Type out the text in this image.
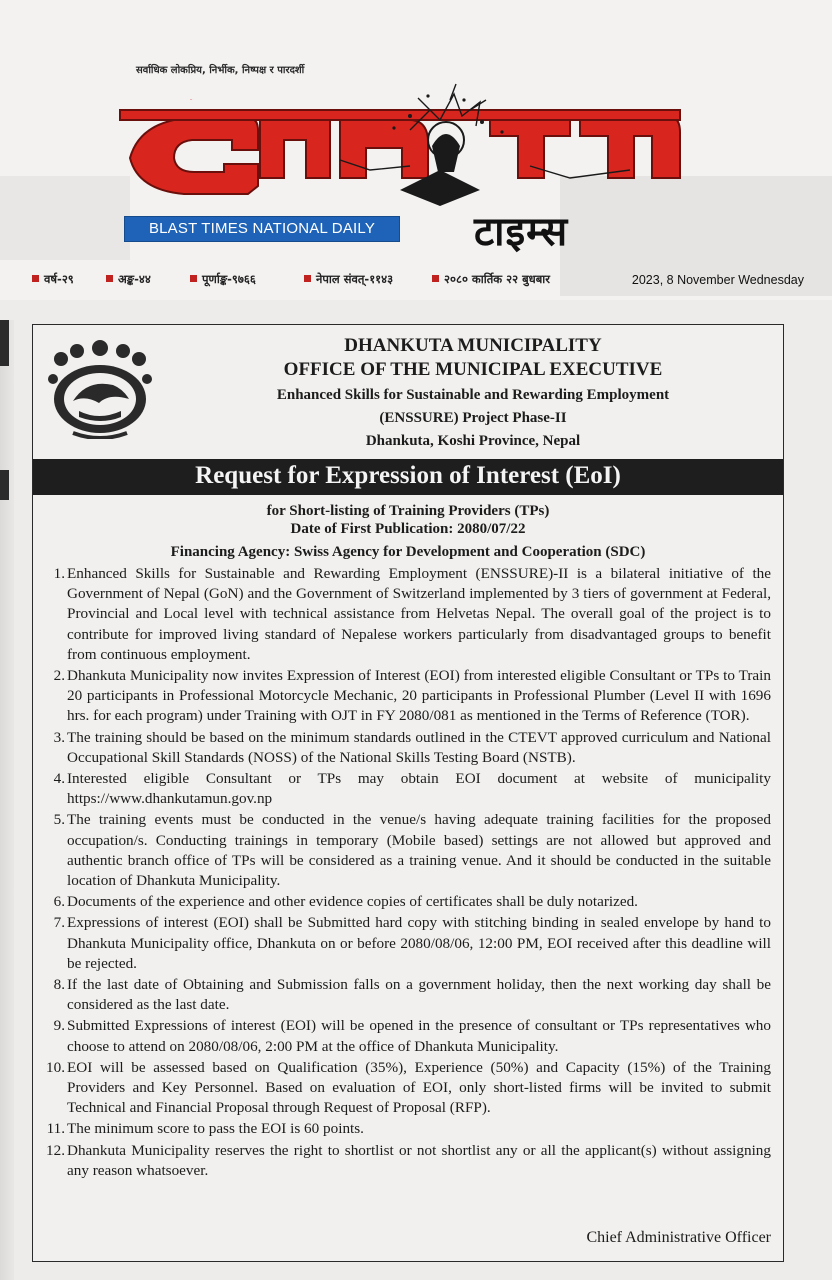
सर्वाधिक लोकप्रिय, निर्भीक, निष्पक्ष र पारदर्शी
ब्लास्ट
BLAST TIMES NATIONAL DAILY	टाइम्स
वर्ष-२९	अङ्क-४४	पूर्णाङ्क-९७६६	नेपाल संवत्-११४३	२०८० कार्तिक २२ बुधबार	2023, 8 November Wednesday
DHANKUTA MUNICIPALITY
OFFICE OF THE MUNICIPAL EXECUTIVE
Enhanced Skills for Sustainable and Rewarding Employment
(ENSSURE) Project Phase-II
Dhankuta, Koshi Province, Nepal
Request for Expression of Interest (EoI)
for Short-listing of Training Providers (TPs)
Date of First Publication: 2080/07/22
Financing Agency: Swiss Agency for Development and Cooperation (SDC)
1. Enhanced Skills for Sustainable and Rewarding Employment (ENSSURE)-II is a bilateral initiative of the Government of Nepal (GoN) and the Government of Switzerland implemented by 3 tiers of government at Federal, Provincial and Local level with technical assistance from Helvetas Nepal. The overall goal of the project is to contribute for improved living standard of Nepalese workers particularly from disadvantaged groups to benefit from continuous employment.
2. Dhankuta Municipality now invites Expression of Interest (EOI) from interested eligible Consultant or TPs to Train 20 participants in Professional Motorcycle Mechanic, 20 participants in Professional Plumber (Level II with 1696 hrs. for each program) under Training with OJT in FY 2080/081 as mentioned in the Terms of Reference (TOR).
3. The training should be based on the minimum standards outlined in the CTEVT approved curriculum and National Occupational Skill Standards (NOSS) of the National Skills Testing Board (NSTB).
4. Interested eligible Consultant or TPs may obtain EOI document at website of municipality https://www.dhankutamun.gov.np
5. The training events must be conducted in the venue/s having adequate training facilities for the proposed occupation/s. Conducting trainings in temporary (Mobile based) settings are not allowed but approved and authentic branch office of TPs will be considered as a training venue. And it should be conducted in the suitable location of Dhankuta Municipality.
6. Documents of the experience and other evidence copies of certificates shall be duly notarized.
7. Expressions of interest (EOI) shall be Submitted hard copy with stitching binding in sealed envelope by hand to Dhankuta Municipality office, Dhankuta on or before 2080/08/06, 12:00 PM, EOI received after this deadline will be rejected.
8. If the last date of Obtaining and Submission falls on a government holiday, then the next working day shall be considered as the last date.
9. Submitted Expressions of interest (EOI) will be opened in the presence of consultant or TPs representatives who choose to attend on 2080/08/06, 2:00 PM at the office of Dhankuta Municipality.
10. EOI will be assessed based on Qualification (35%), Experience (50%) and Capacity (15%) of the Training Providers and Key Personnel. Based on evaluation of EOI, only short-listed firms will be invited to submit Technical and Financial Proposal through Request of Proposal (RFP).
11. The minimum score to pass the EOI is 60 points.
12. Dhankuta Municipality reserves the right to shortlist or not shortlist any or all the applicant(s) without assigning any reason whatsoever.
Chief Administrative Officer
